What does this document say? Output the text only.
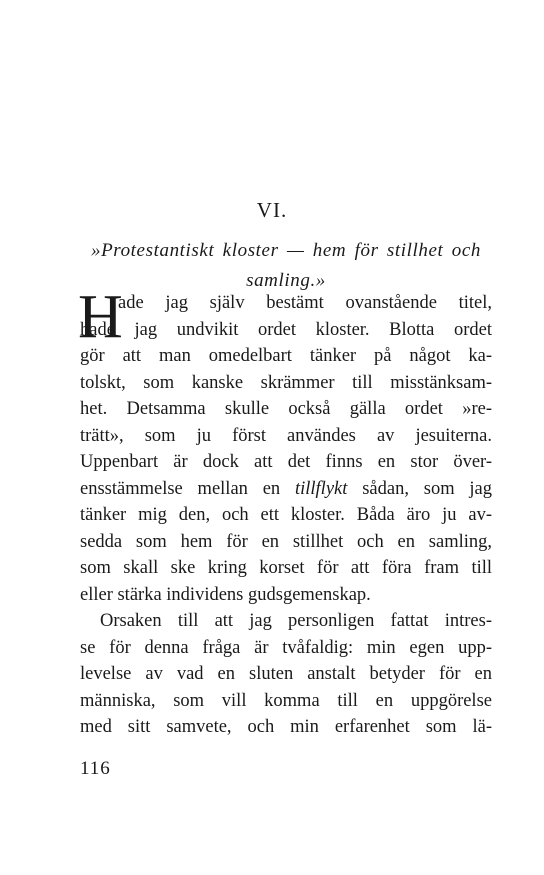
VI.
»Protestantiskt kloster — hem för stillhet och
samling.»
H
ade jag själv bestämt ovanstående titel,
hade jag undvikit ordet kloster. Blotta ordet
gör att man omedelbart tänker på något ka-
tolskt, som kanske skrämmer till misstänksam-
het. Detsamma skulle också gälla ordet »re-
trätt», som ju först användes av jesuiterna.
Uppenbart är dock att det finns en stor över-
ensstämmelse mellan en tillflykt sådan, som jag
tänker mig den, och ett kloster. Båda äro ju av-
sedda som hem för en stillhet och en samling,
som skall ske kring korset för att föra fram till
eller stärka individens gudsgemenskap.
Orsaken till att jag personligen fattat intres-
se för denna fråga är tvåfaldig: min egen upp-
levelse av vad en sluten anstalt betyder för en
människa, som vill komma till en uppgörelse
med sitt samvete, och min erfarenhet som lä-
116
